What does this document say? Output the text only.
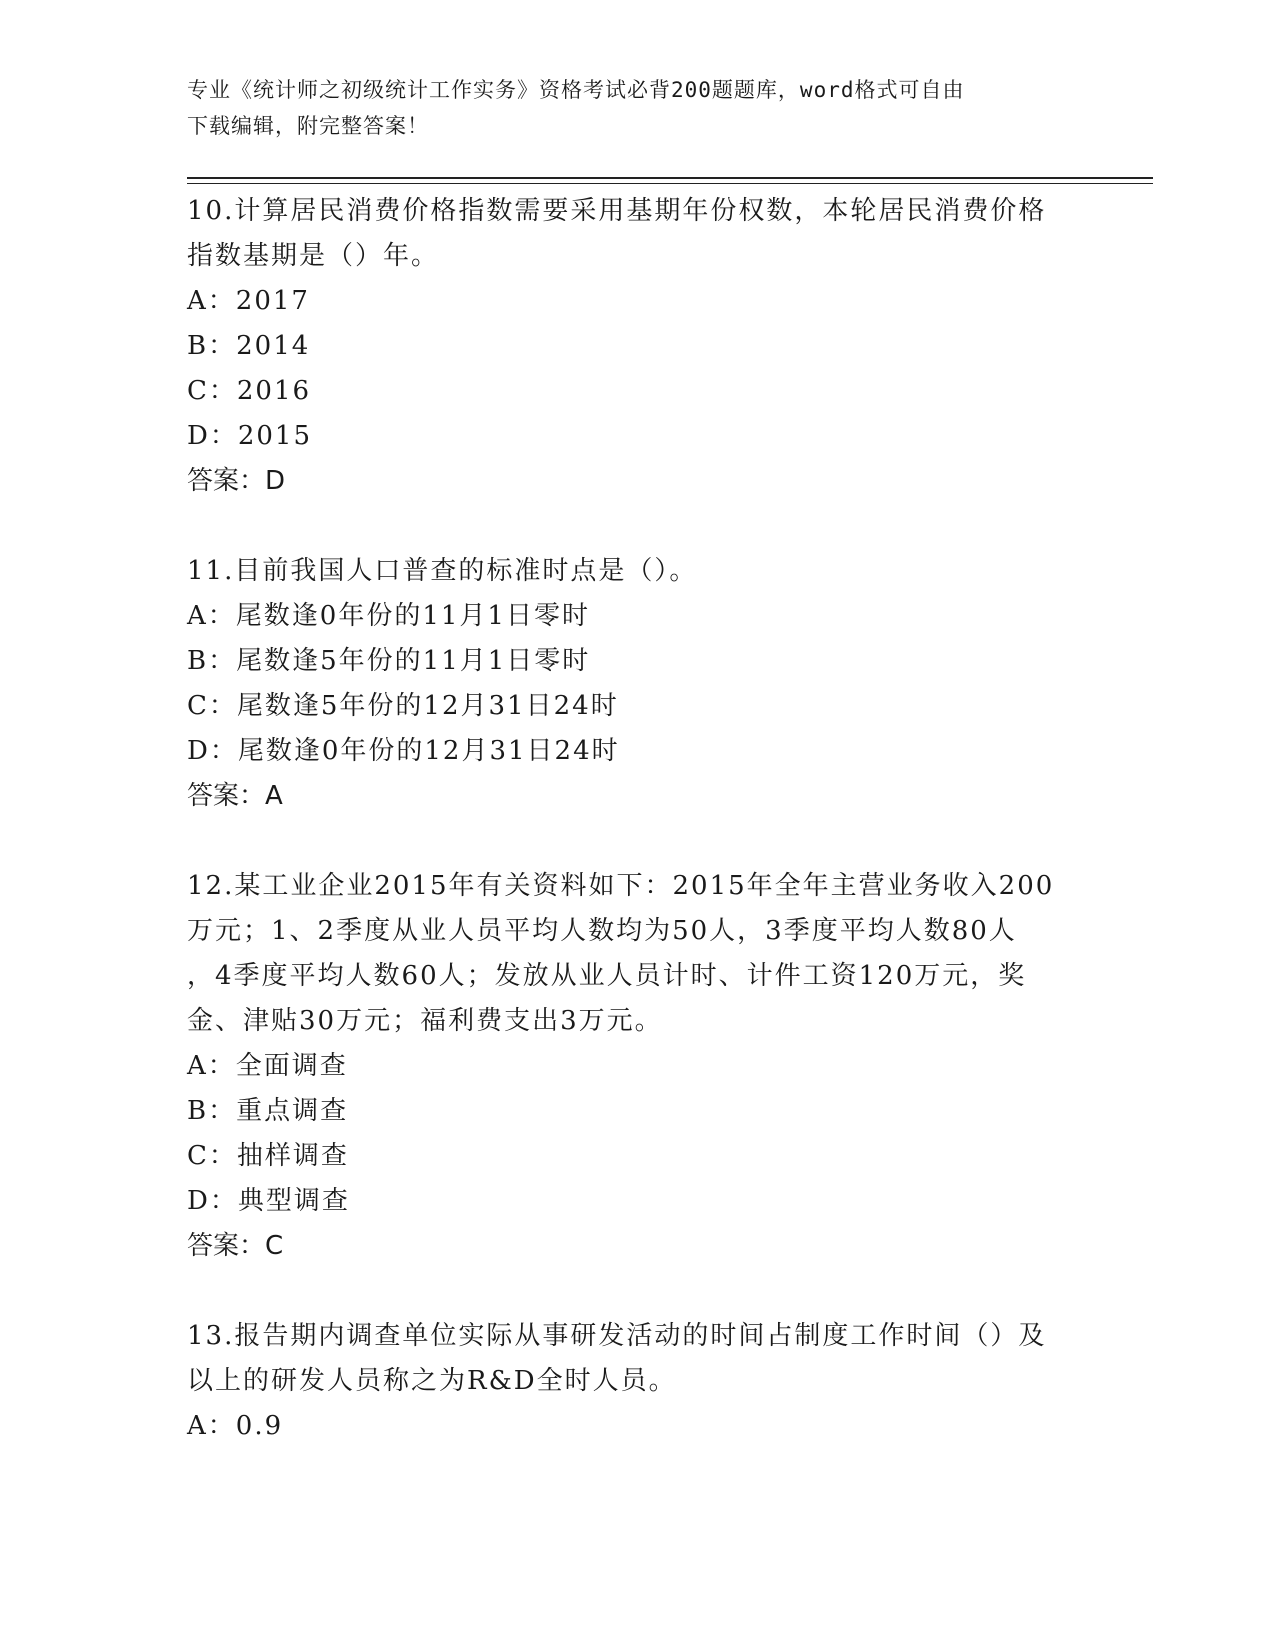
专业《统计师之初级统计工作实务》资格考试必背200题题库，word格式可自由
下载编辑，附完整答案！

10.计算居民消费价格指数需要采用基期年份权数，本轮居民消费价格

指数基期是（）年。

A：2017

B：2014

C：2016

D：2015

答案：D

11.目前我国人口普查的标准时点是（）。

A：尾数逢0年份的11月1日零时

B：尾数逢5年份的11月1日零时

C：尾数逢5年份的12月31日24时

D：尾数逢0年份的12月31日24时

答案：A

12.某工业企业2015年有关资料如下：2015年全年主营业务收入200

万元；1、2季度从业人员平均人数均为50人，3季度平均人数80人

，4季度平均人数60人；发放从业人员计时、计件工资120万元，奖

金、津贴30万元；福利费支出3万元。

A：全面调查

B：重点调查

C：抽样调查

D：典型调查

答案：C

13.报告期内调查单位实际从事研发活动的时间占制度工作时间（）及

以上的研发人员称之为R&D全时人员。

A：0.9
